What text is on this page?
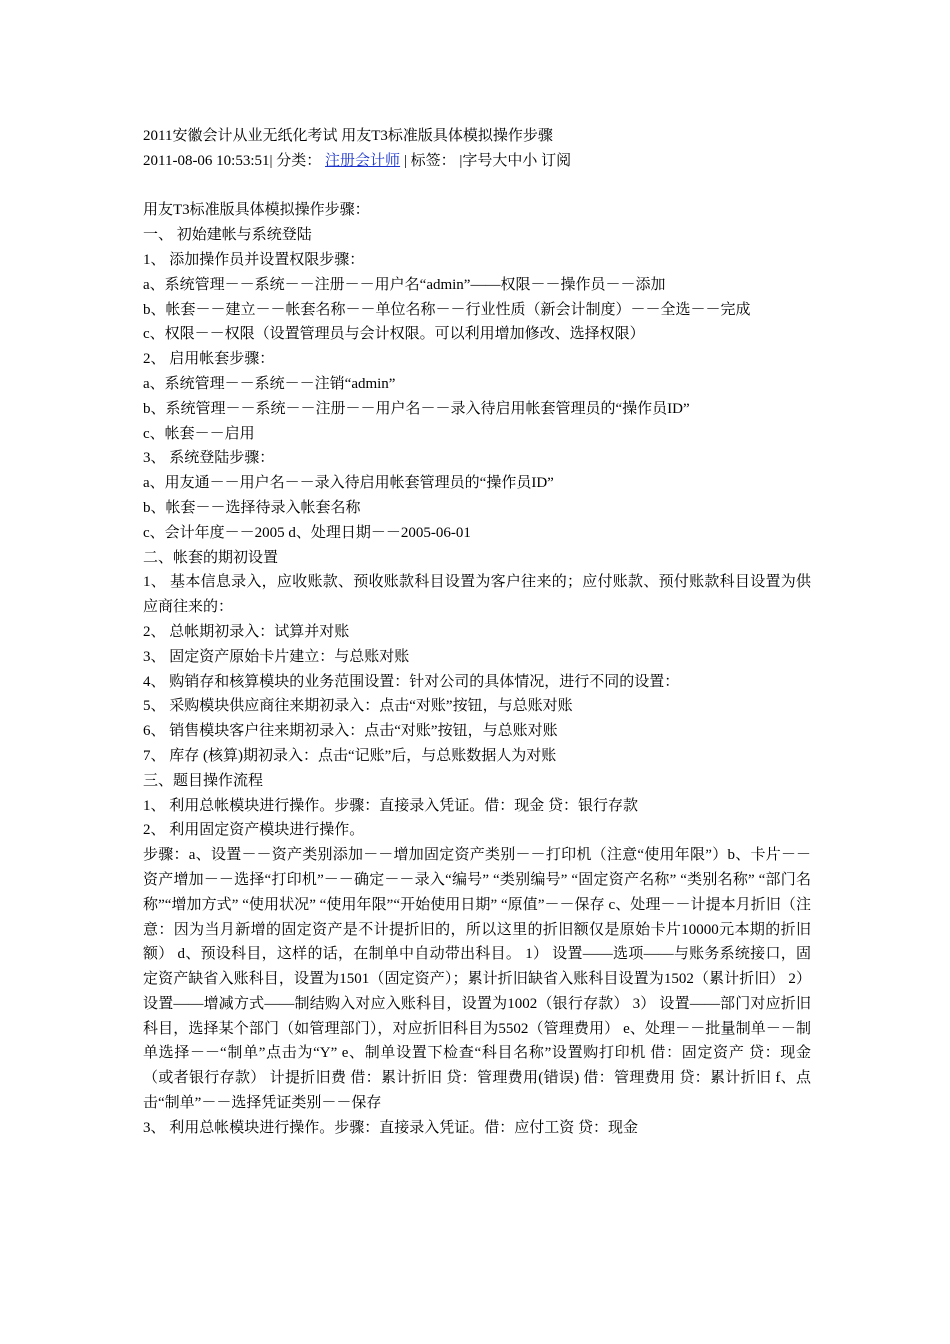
2011安徽会计从业无纸化考试 用友T3标准版具体模拟操作步骤
2011-08-06 10:53:51| 分类： 注册会计师 | 标签： |字号大中小 订阅
用友T3标准版具体模拟操作步骤：
一、 初始建帐与系统登陆
1、 添加操作员并设置权限步骤：
a、系统管理－－系统－－注册－－用户名“admin”——权限－－操作员－－添加
b、帐套－－建立－－帐套名称－－单位名称－－行业性质（新会计制度）－－全选－－完成
c、权限－－权限（设置管理员与会计权限。可以利用增加修改、选择权限）
2、 启用帐套步骤：
a、系统管理－－系统－－注销“admin”
b、系统管理－－系统－－注册－－用户名－－录入待启用帐套管理员的“操作员ID”
c、帐套－－启用
3、 系统登陆步骤：
a、用友通－－用户名－－录入待启用帐套管理员的“操作员ID”
b、帐套－－选择待录入帐套名称
c、会计年度－－2005 d、处理日期－－2005-06-01
二、帐套的期初设置
1、 基本信息录入，应收账款、预收账款科目设置为客户往来的；应付账款、预付账款科目设置为供应商往来的：
2、 总帐期初录入：试算并对账
3、 固定资产原始卡片建立：与总账对账
4、 购销存和核算模块的业务范围设置：针对公司的具体情况，进行不同的设置：
5、 采购模块供应商往来期初录入：点击“对账”按钮，与总账对账
6、 销售模块客户往来期初录入：点击“对账”按钮，与总账对账
7、 库存 (核算)期初录入：点击“记账”后，与总账数据人为对账
三、题目操作流程
1、 利用总帐模块进行操作。步骤：直接录入凭证。借：现金 贷：银行存款
2、 利用固定资产模块进行操作。
步骤：a、设置－－资产类别添加－－增加固定资产类别－－打印机（注意“使用年限”）b、卡片－－资产增加－－选择“打印机”－－确定－－录入“编号” “类别编号” “固定资产名称” “类别名称” “部门名称”“增加方式” “使用状况” “使用年限”“开始使用日期” “原值”－－保存 c、处理－－计提本月折旧（注意：因为当月新增的固定资产是不计提折旧的，所以这里的折旧额仅是原始卡片10000元本期的折旧额） d、预设科目，这样的话，在制单中自动带出科目。 1） 设置——选项——与账务系统接口，固定资产缺省入账科目，设置为1501（固定资产）；累计折旧缺省入账科目设置为1502（累计折旧） 2） 设置——增减方式——制结购入对应入账科目，设置为1002（银行存款） 3） 设置——部门对应折旧科目，选择某个部门（如管理部门），对应折旧科目为5502（管理费用） e、处理－－批量制单－－制单选择－－“制单”点击为“Y” e、制单设置下检查“科目名称”设置购打印机 借：固定资产 贷：现金（或者银行存款） 计提折旧费 借：累计折旧 贷：管理费用(错误) 借：管理费用 贷：累计折旧 f、点击“制单”－－选择凭证类别－－保存
3、 利用总帐模块进行操作。步骤：直接录入凭证。借：应付工资 贷：现金
